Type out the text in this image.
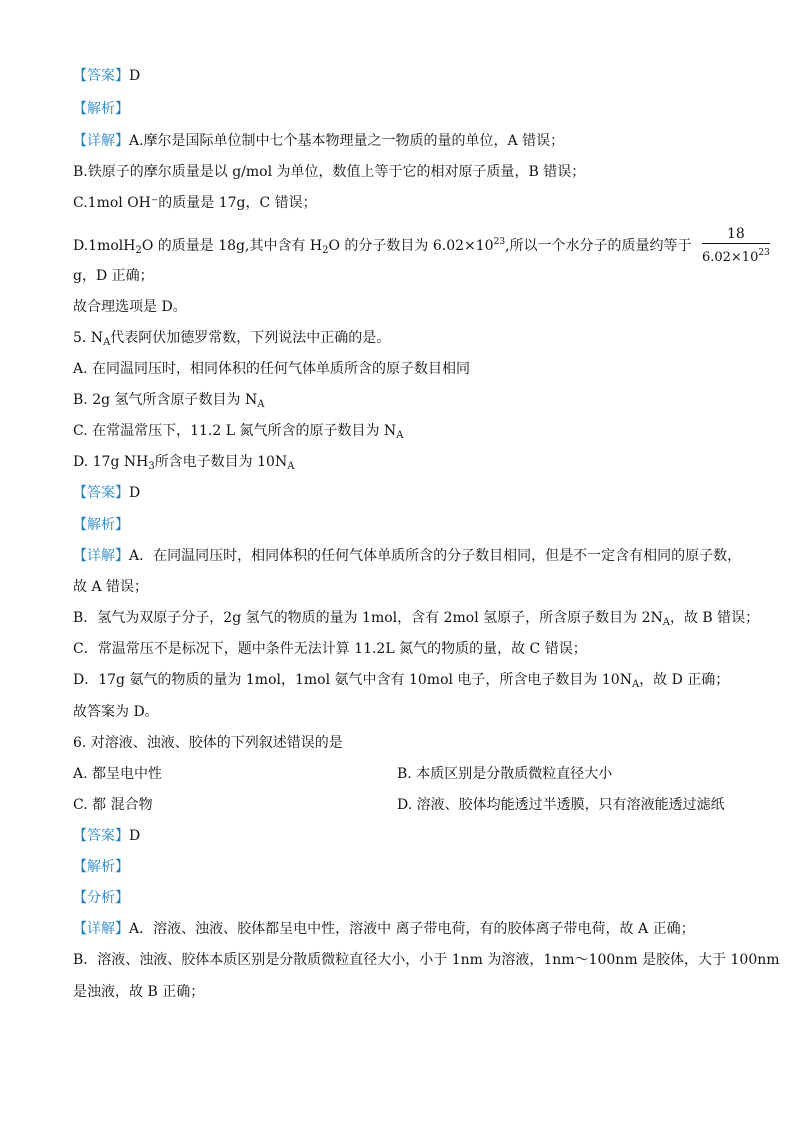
【答案】D
【解析】
【详解】A.摩尔是国际单位制中七个基本物理量之一物质的量的单位，A 错误；
B.铁原子的摩尔质量是以 g/mol 为单位，数值上等于它的相对原子质量，B 错误；
C.1mol OH⁻的质量是 17g，C 错误；
D.1molH$_2$O 的质量是 18g,其中含有 $H_2O$ 的分子数目为 $6.02\times 10^{23}$,所以一个水分子的质量约等于 $\frac{18}{6.02\times 10^{23}}$
g，D 正确；
故合理选项是 D。
5. $N_A$代表阿伏加德罗常数，下列说法中正确的是。
A. 在同温同压时，相同体积的任何气体单质所含的原子数目相同
B. 2g 氢气所含原子数目为 $N_A$
C. 在常温常压下，11.2 L 氮气所含的原子数目为 $N_A$
D. 17g $NH_3$所含电子数目为 $10N_A$
【答案】D
【解析】
【详解】A．在同温同压时，相同体积的任何气体单质所含的分子数目相同，但是不一定含有相同的原子数，
故 A 错误；
B．氢气为双原子分子，2g 氢气的物质的量为 1mol，含有 2mol 氢原子，所含原子数目为 $2N_A$，故 B 错误；
C．常温常压不是标况下，题中条件无法计算 11.2L 氮气的物质的量，故 C 错误；
D．17g 氨气的物质的量为 1mol，1mol 氨气中含有 10mol 电子，所含电子数目为 $10N_A$，故 D 正确；
故答案为 D。
6. 对溶液、浊液、胶体的下列叙述错误的是
A. 都呈电中性	B. 本质区别是分散质微粒直径大小
C. 都 混合物	D. 溶液、胶体均能透过半透膜，只有溶液能透过滤纸
【答案】D
【解析】
【分析】
【详解】A．溶液、浊液、胶体都呈电中性，溶液中 离子带电荷，有的胶体离子带电荷，故 A 正确；
B．溶液、浊液、胶体本质区别是分散质微粒直径大小，小于 1nm 为溶液，1nm～100nm 是胶体，大于 100nm
是浊液，故 B 正确；
